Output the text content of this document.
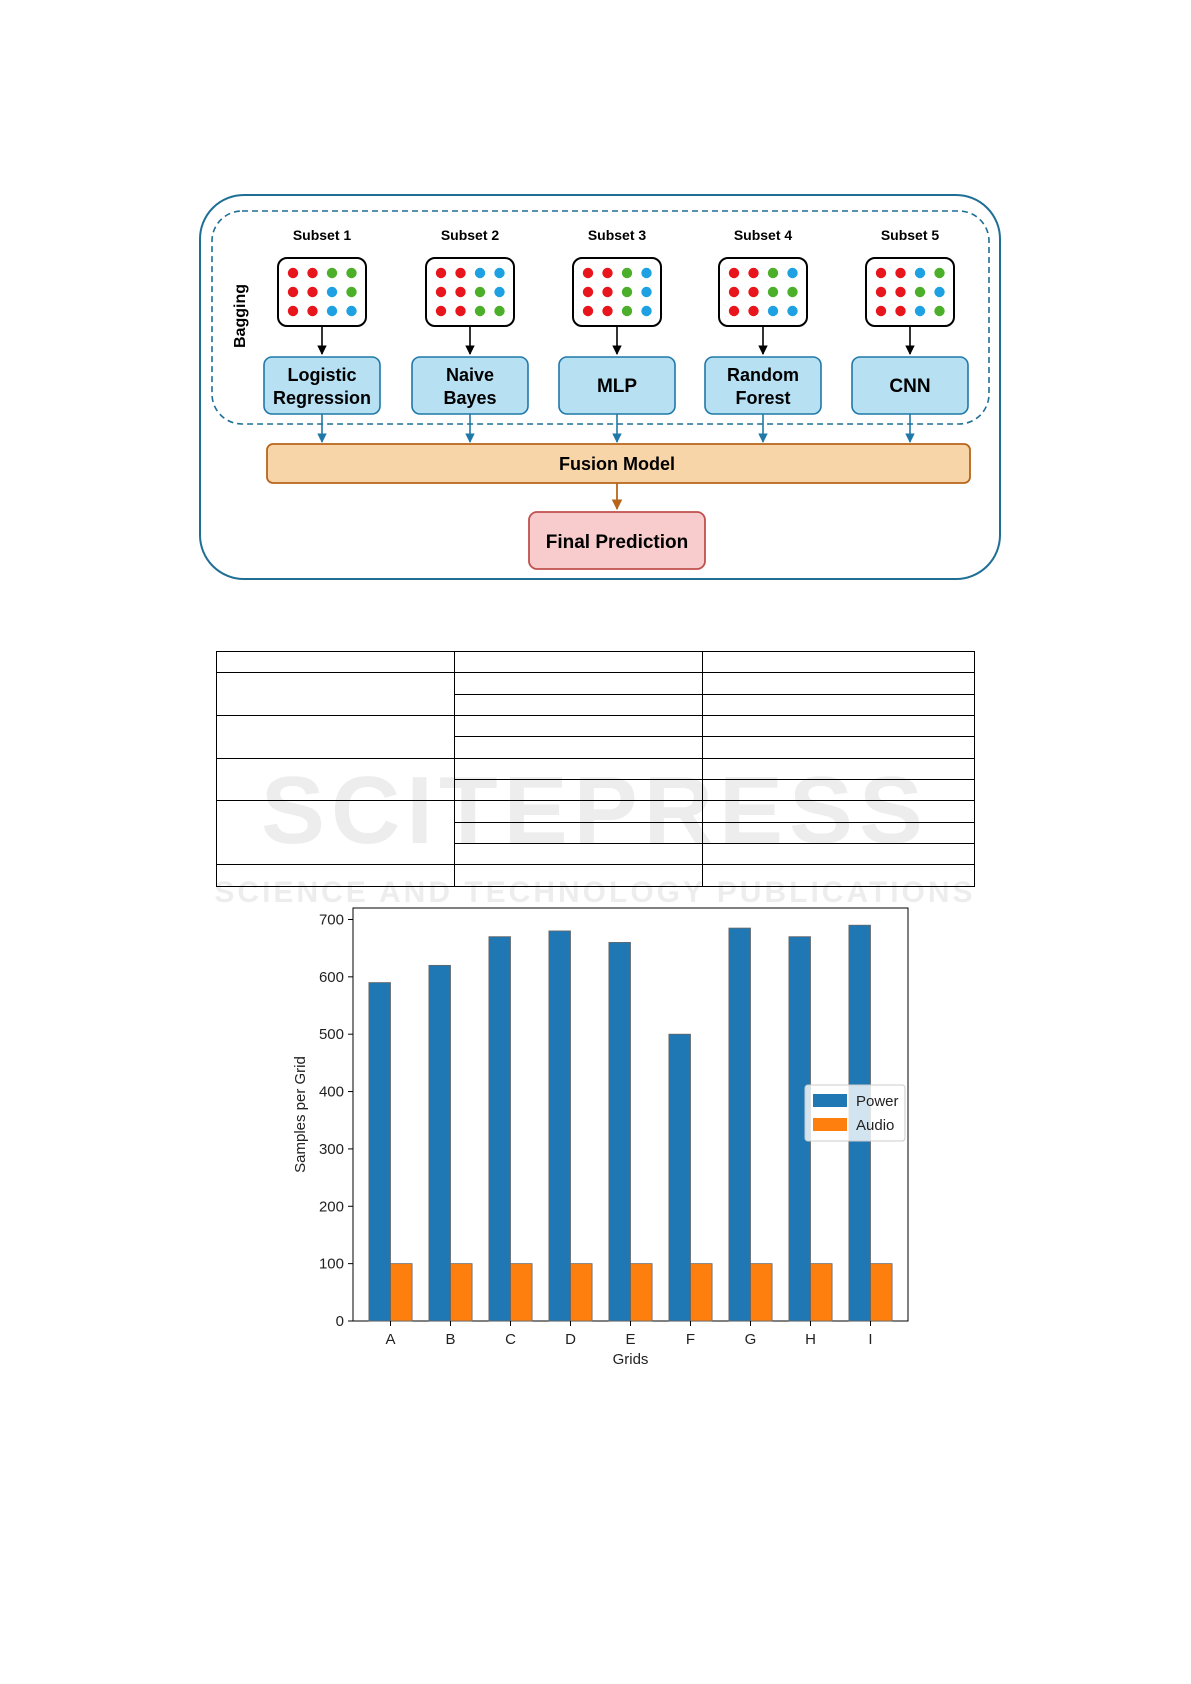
Bagging
Subset 1
Logistic
Regression
Subset 2
Naive
Bayes
Subset 3
MLP
Subset 4
Random
Forest
Subset 5
CNN
Fusion Model
Final Prediction

0
100
200
300
400
500
600
700
A	B	C	D	E	F	G	H	I
Grids
Samples per Grid	Power
Audio
SCITEPRESS
SCIENCE AND TECHNOLOGY PUBLICATIONS
